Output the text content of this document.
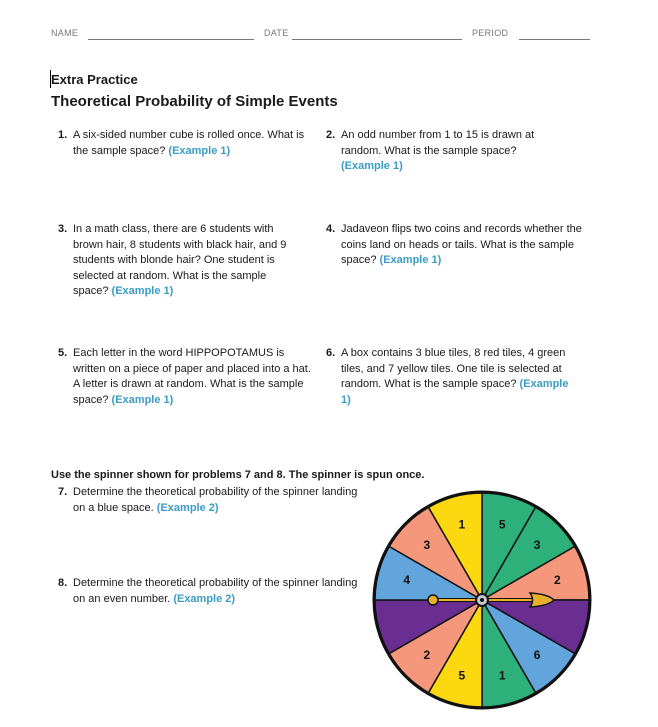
NAME	DATE	PERIOD
Extra Practice
Theoretical Probability of Simple Events
1. A six-sided number cube is rolled once. What is the sample space? (Example 1)
2. An odd number from 1 to 15 is drawn at random. What is the sample space? (Example 1)
3. In a math class, there are 6 students with brown hair, 8 students with black hair, and 9 students with blonde hair? One student is selected at random. What is the sample space? (Example 1)
4. Jadaveon flips two coins and records whether the coins land on heads or tails. What is the sample space? (Example 1)
5. Each letter in the word HIPPOPOTAMUS is written on a piece of paper and placed into a hat. A letter is drawn at random. What is the sample space? (Example 1)
6. A box contains 3 blue tiles, 8 red tiles, 4 green tiles, and 7 yellow tiles. One tile is selected at random. What is the sample space? (Example 1)
Use the spinner shown for problems 7 and 8. The spinner is spun once.
7. Determine the theoretical probability of the spinner landing on a blue space. (Example 2)
8. Determine the theoretical probability of the spinner landing on an even number. (Example 2)
5
3
2
6
1
5
2
4
3
1
